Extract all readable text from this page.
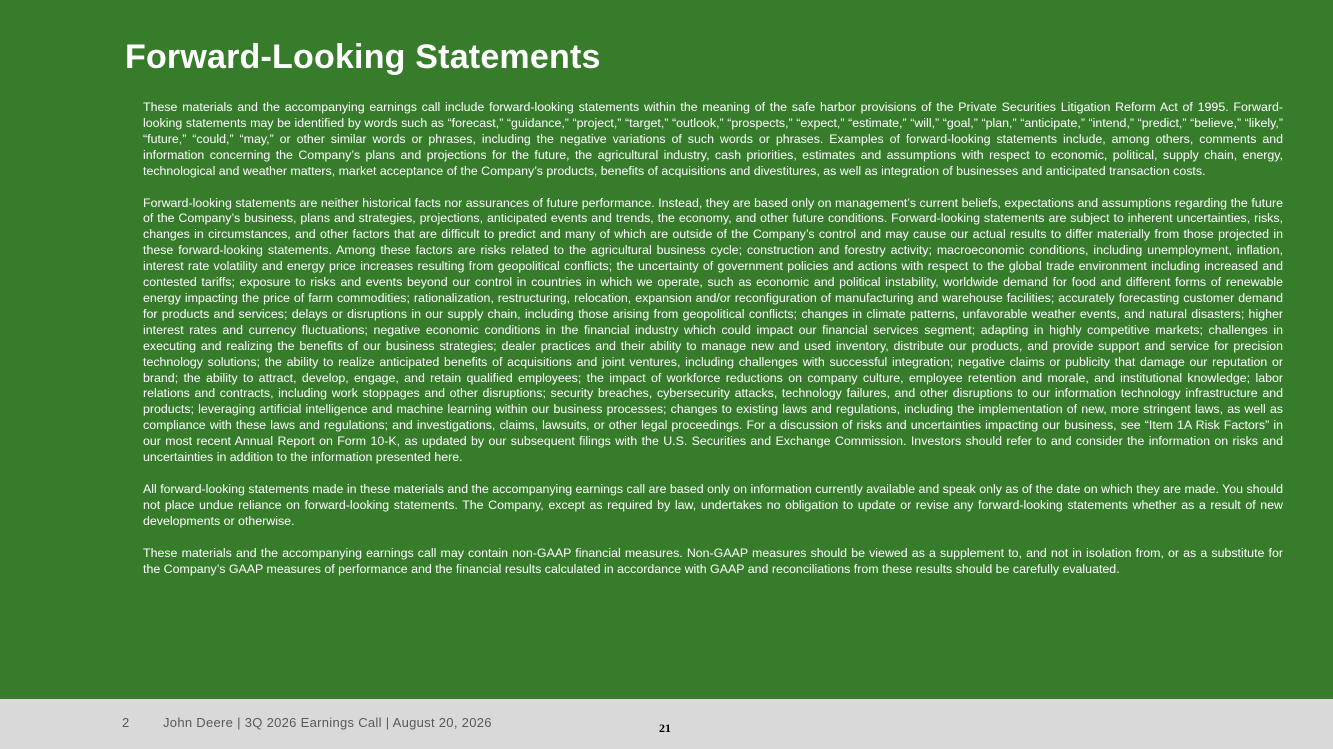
Forward-Looking Statements

These materials and the accompanying earnings call include forward-looking statements within the meaning of the safe harbor provisions of the Private Securities Litigation Reform Act of 1995. Forward-looking statements may be identified by words such as “forecast,” “guidance,” “project,” “target,” “outlook,” “prospects,” “expect,” “estimate,” “will,” “goal,” “plan,” “anticipate,” “intend,” “predict,” “believe,” “likely,” “future,” “could,” “may,” or other similar words or phrases, including the negative variations of such words or phrases. Examples of forward-looking statements include, among others, comments and information concerning the Company’s plans and projections for the future, the agricultural industry, cash priorities, estimates and assumptions with respect to economic, political, supply chain, energy, technological and weather matters, market acceptance of the Company’s products, benefits of acquisitions and divestitures, as well as integration of businesses and anticipated transaction costs.

Forward-looking statements are neither historical facts nor assurances of future performance. Instead, they are based only on management’s current beliefs, expectations and assumptions regarding the future of the Company’s business, plans and strategies, projections, anticipated events and trends, the economy, and other future conditions. Forward-looking statements are subject to inherent uncertainties, risks, changes in circumstances, and other factors that are difficult to predict and many of which are outside of the Company’s control and may cause our actual results to differ materially from those projected in these forward-looking statements. Among these factors are risks related to the agricultural business cycle; construction and forestry activity; macroeconomic conditions, including unemployment, inflation, interest rate volatility and energy price increases resulting from geopolitical conflicts; the uncertainty of government policies and actions with respect to the global trade environment including increased and contested tariffs; exposure to risks and events beyond our control in countries in which we operate, such as economic and political instability, worldwide demand for food and different forms of renewable energy impacting the price of farm commodities; rationalization, restructuring, relocation, expansion and/or reconfiguration of manufacturing and warehouse facilities; accurately forecasting customer demand for products and services; delays or disruptions in our supply chain, including those arising from geopolitical conflicts; changes in climate patterns, unfavorable weather events, and natural disasters; higher interest rates and currency fluctuations; negative economic conditions in the financial industry which could impact our financial services segment; adapting in highly competitive markets; challenges in executing and realizing the benefits of our business strategies; dealer practices and their ability to manage new and used inventory, distribute our products, and provide support and service for precision technology solutions; the ability to realize anticipated benefits of acquisitions and joint ventures, including challenges with successful integration; negative claims or publicity that damage our reputation or brand; the ability to attract, develop, engage, and retain qualified employees; the impact of workforce reductions on company culture, employee retention and morale, and institutional knowledge; labor relations and contracts, including work stoppages and other disruptions; security breaches, cybersecurity attacks, technology failures, and other disruptions to our information technology infrastructure and products; leveraging artificial intelligence and machine learning within our business processes; changes to existing laws and regulations, including the implementation of new, more stringent laws, as well as compliance with these laws and regulations; and investigations, claims, lawsuits, or other legal proceedings. For a discussion of risks and uncertainties impacting our business, see “Item 1A Risk Factors” in our most recent Annual Report on Form 10-K, as updated by our subsequent filings with the U.S. Securities and Exchange Commission. Investors should refer to and consider the information on risks and uncertainties in addition to the information presented here.

All forward-looking statements made in these materials and the accompanying earnings call are based only on information currently available and speak only as of the date on which they are made. You should not place undue reliance on forward-looking statements. The Company, except as required by law, undertakes no obligation to update or revise any forward-looking statements whether as a result of new developments or otherwise.

These materials and the accompanying earnings call may contain non-GAAP financial measures. Non-GAAP measures should be viewed as a supplement to, and not in isolation from, or as a substitute for the Company’s GAAP measures of performance and the financial results calculated in accordance with GAAP and reconciliations from these results should be carefully evaluated.

2	John Deere | 3Q 2026 Earnings Call | August 20, 2026	21
